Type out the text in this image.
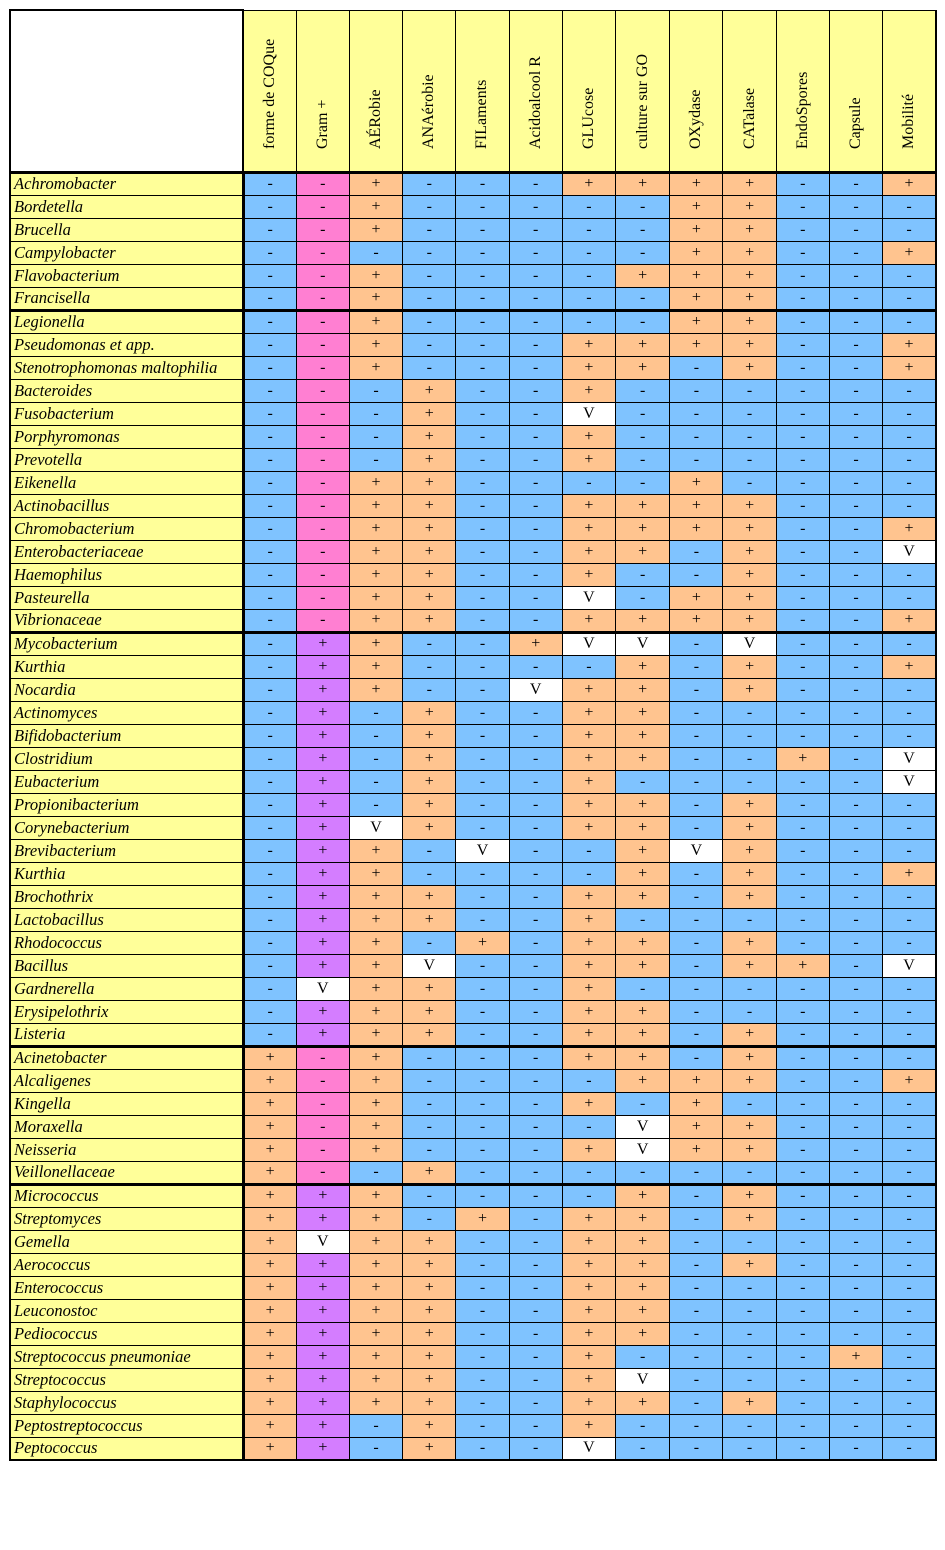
	forme de COQue	Gram +	AÉRobie	ANAérobie	FILaments	Acidoalcool R	GLUcose	culture sur GO	OXydase	CATalase	EndoSpores	Capsule	Mobilité

Achromobacter	-	-	+	-	-	-	+	+	+	+	-	-	+
Bordetella	-	-	+	-	-	-	-	-	+	+	-	-	-
Brucella	-	-	+	-	-	-	-	-	+	+	-	-	-
Campylobacter	-	-	-	-	-	-	-	-	+	+	-	-	+
Flavobacterium	-	-	+	-	-	-	-	+	+	+	-	-	-
Francisella	-	-	+	-	-	-	-	-	+	+	-	-	-
Legionella	-	-	+	-	-	-	-	-	+	+	-	-	-
Pseudomonas et app.	-	-	+	-	-	-	+	+	+	+	-	-	+
Stenotrophomonas maltophilia	-	-	+	-	-	-	+	+	-	+	-	-	+
Bacteroides	-	-	-	+	-	-	+	-	-	-	-	-	-
Fusobacterium	-	-	-	+	-	-	V	-	-	-	-	-	-
Porphyromonas	-	-	-	+	-	-	+	-	-	-	-	-	-
Prevotella	-	-	-	+	-	-	+	-	-	-	-	-	-
Eikenella	-	-	+	+	-	-	-	-	+	-	-	-	-
Actinobacillus	-	-	+	+	-	-	+	+	+	+	-	-	-
Chromobacterium	-	-	+	+	-	-	+	+	+	+	-	-	+
Enterobacteriaceae	-	-	+	+	-	-	+	+	-	+	-	-	V
Haemophilus	-	-	+	+	-	-	+	-	-	+	-	-	-
Pasteurella	-	-	+	+	-	-	V	-	+	+	-	-	-
Vibrionaceae	-	-	+	+	-	-	+	+	+	+	-	-	+
Mycobacterium	-	+	+	-	-	+	V	V	-	V	-	-	-
Kurthia	-	+	+	-	-	-	-	+	-	+	-	-	+
Nocardia	-	+	+	-	-	V	+	+	-	+	-	-	-
Actinomyces	-	+	-	+	-	-	+	+	-	-	-	-	-
Bifidobacterium	-	+	-	+	-	-	+	+	-	-	-	-	-
Clostridium	-	+	-	+	-	-	+	+	-	-	+	-	V
Eubacterium	-	+	-	+	-	-	+	-	-	-	-	-	V
Propionibacterium	-	+	-	+	-	-	+	+	-	+	-	-	-
Corynebacterium	-	+	V	+	-	-	+	+	-	+	-	-	-
Brevibacterium	-	+	+	-	V	-	-	+	V	+	-	-	-
Kurthia	-	+	+	-	-	-	-	+	-	+	-	-	+
Brochothrix	-	+	+	+	-	-	+	+	-	+	-	-	-
Lactobacillus	-	+	+	+	-	-	+	-	-	-	-	-	-
Rhodococcus	-	+	+	-	+	-	+	+	-	+	-	-	-
Bacillus	-	+	+	V	-	-	+	+	-	+	+	-	V
Gardnerella	-	V	+	+	-	-	+	-	-	-	-	-	-
Erysipelothrix	-	+	+	+	-	-	+	+	-	-	-	-	-
Listeria	-	+	+	+	-	-	+	+	-	+	-	-	-
Acinetobacter	+	-	+	-	-	-	+	+	-	+	-	-	-
Alcaligenes	+	-	+	-	-	-	-	+	+	+	-	-	+
Kingella	+	-	+	-	-	-	+	-	+	-	-	-	-
Moraxella	+	-	+	-	-	-	-	V	+	+	-	-	-
Neisseria	+	-	+	-	-	-	+	V	+	+	-	-	-
Veillonellaceae	+	-	-	+	-	-	-	-	-	-	-	-	-
Micrococcus	+	+	+	-	-	-	-	+	-	+	-	-	-
Streptomyces	+	+	+	-	+	-	+	+	-	+	-	-	-
Gemella	+	V	+	+	-	-	+	+	-	-	-	-	-
Aerococcus	+	+	+	+	-	-	+	+	-	+	-	-	-
Enterococcus	+	+	+	+	-	-	+	+	-	-	-	-	-
Leuconostoc	+	+	+	+	-	-	+	+	-	-	-	-	-
Pediococcus	+	+	+	+	-	-	+	+	-	-	-	-	-
Streptococcus pneumoniae	+	+	+	+	-	-	+	-	-	-	-	+	-
Streptococcus	+	+	+	+	-	-	+	V	-	-	-	-	-
Staphylococcus	+	+	+	+	-	-	+	+	-	+	-	-	-
Peptostreptococcus	+	+	-	+	-	-	+	-	-	-	-	-	-
Peptococcus	+	+	-	+	-	-	V	-	-	-	-	-	-
